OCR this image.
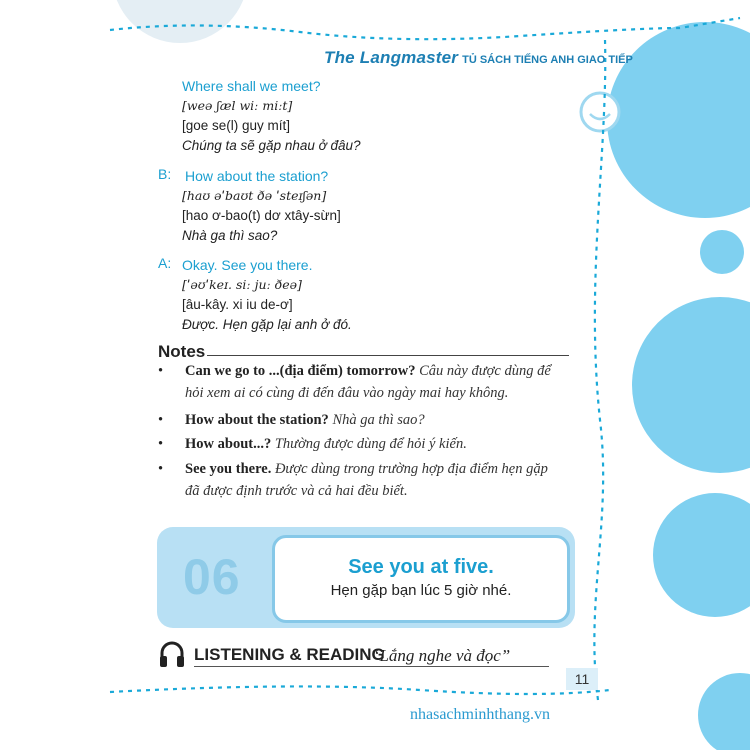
The Langmaster TỦ SÁCH TIẾNG ANH GIAO TIẾP
Where shall we meet?
[weə ʃæl wiː miːt]
[goe se(l) guy mít]
Chúng ta sẽ gặp nhau ở đâu?
B: How about the station?
[haʊ əˈbaʊt ðə ˈsteɪʃən]
[hao ơ-bao(t) dơ xtây-sừn]
Nhà ga thì sao?
A: Okay. See you there.
[ˈəʊˈkeɪ. siː juː ðeə]
[âu-kây. xi iu de-ơ]
Được. Hẹn gặp lại anh ở đó.
Notes
•	Can we go to ...(địa điểm) tomorrow? Câu này được dùng để
hỏi xem ai có cùng đi đến đâu vào ngày mai hay không.
•	How about the station? Nhà ga thì sao?
•	How about...? Thường được dùng để hỏi ý kiến.
•	See you there. Được dùng trong trường hợp địa điểm hẹn gặp
đã được định trước và cả hai đều biết.
06	See you at five.
Hẹn gặp bạn lúc 5 giờ nhé.
LISTENING & READING
“Lắng nghe và đọc”
11
nhasachminhthang.vn
